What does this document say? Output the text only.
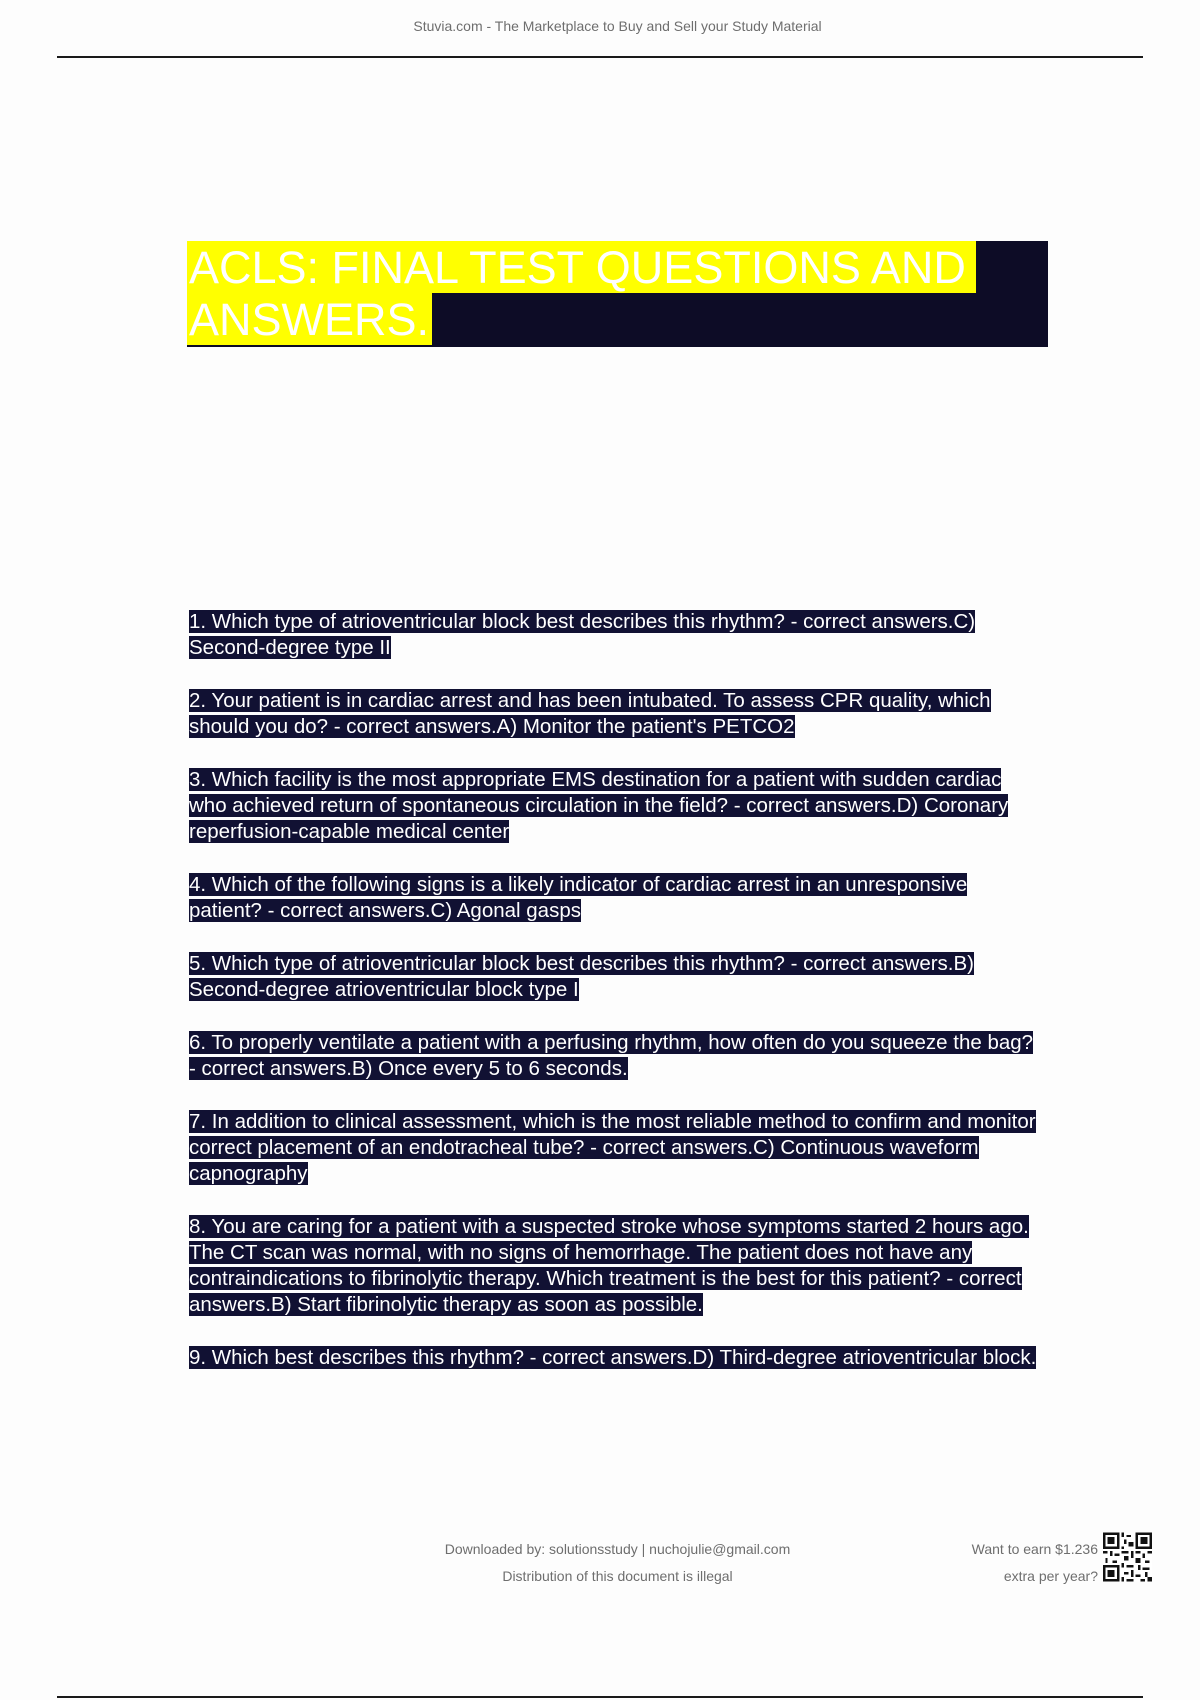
Stuvia.com - The Marketplace to Buy and Sell your Study Material
ACLS: FINAL TEST QUESTIONS AND
ANSWERS.

1. Which type of atrioventricular block best describes this rhythm? - correct answers.C) Second-degree type II

2. Your patient is in cardiac arrest and has been intubated. To assess CPR quality, which should you do? - correct answers.A) Monitor the patient's PETCO2

3. Which facility is the most appropriate EMS destination for a patient with sudden cardiac who achieved return of spontaneous circulation in the field? - correct answers.D) Coronary reperfusion-capable medical center

4. Which of the following signs is a likely indicator of cardiac arrest in an unresponsive patient? - correct answers.C) Agonal gasps

5. Which type of atrioventricular block best describes this rhythm? - correct answers.B) Second-degree atrioventricular block type I

6. To properly ventilate a patient with a perfusing rhythm, how often do you squeeze the bag? - correct answers.B) Once every 5 to 6 seconds.

7. In addition to clinical assessment, which is the most reliable method to confirm and monitor correct placement of an endotracheal tube? - correct answers.C) Continuous waveform capnography

8. You are caring for a patient with a suspected stroke whose symptoms started 2 hours ago. The CT scan was normal, with no signs of hemorrhage. The patient does not have any contraindications to fibrinolytic therapy. Which treatment is the best for this patient? - correct answers.B) Start fibrinolytic therapy as soon as possible.

9. Which best describes this rhythm? - correct answers.D) Third-degree atrioventricular block.

Downloaded by: solutionsstudy | nuchojulie@gmail.com
Distribution of this document is illegal
Want to earn $1.236
extra per year?
